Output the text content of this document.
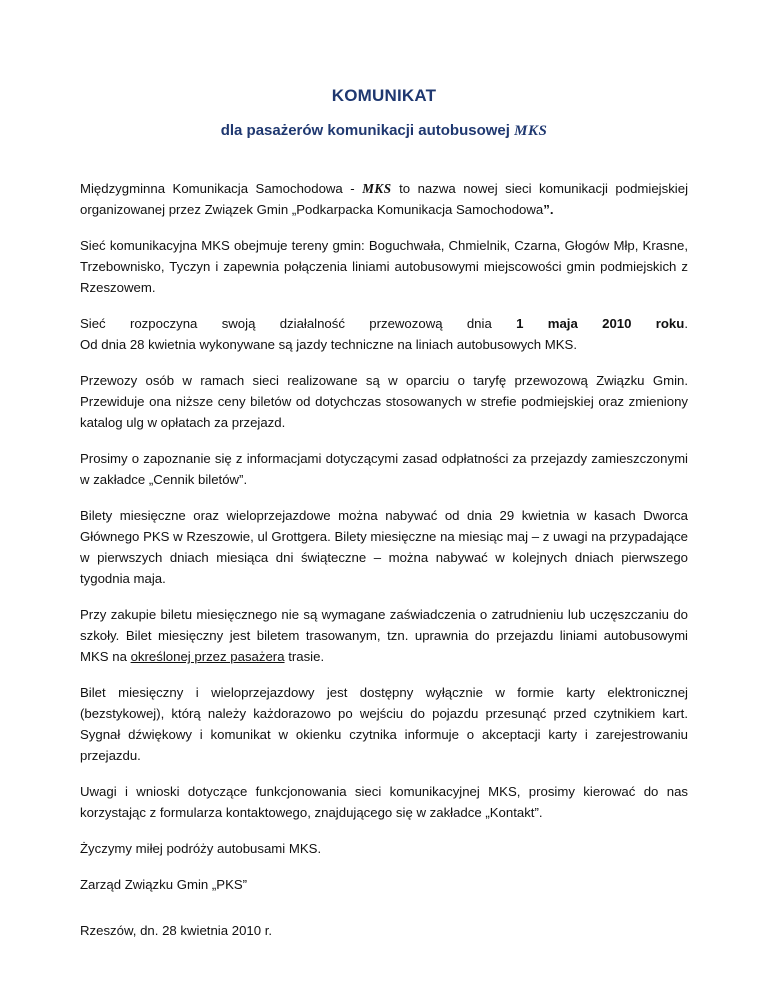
KOMUNIKAT
dla pasażerów komunikacji autobusowej MKS

Międzygminna Komunikacja Samochodowa - MKS to nazwa nowej sieci komunikacji podmiejskiej organizowanej przez Związek Gmin „Podkarpacka Komunikacja Samochodowa”.

Sieć komunikacyjna MKS obejmuje tereny gmin: Boguchwała, Chmielnik, Czarna, Głogów Młp, Krasne, Trzebownisko, Tyczyn i zapewnia połączenia liniami autobusowymi miejscowości gmin podmiejskich z Rzeszowem.

Sieć rozpoczyna swoją działalność przewozową dnia 1 maja 2010 roku.

Od dnia 28 kwietnia wykonywane są jazdy techniczne na liniach autobusowych MKS.

Przewozy osób w ramach sieci realizowane są w oparciu o taryfę przewozową Związku Gmin. Przewiduje ona niższe ceny biletów od dotychczas stosowanych w strefie podmiejskiej oraz zmieniony katalog ulg w opłatach za przejazd.

Prosimy o zapoznanie się z informacjami dotyczącymi zasad odpłatności za przejazdy zamieszczonymi w zakładce „Cennik biletów”.

Bilety miesięczne oraz wieloprzejazdowe można nabywać od dnia 29 kwietnia w kasach Dworca Głównego PKS w Rzeszowie, ul Grottgera. Bilety miesięczne na miesiąc maj – z uwagi na przypadające w pierwszych dniach miesiąca dni świąteczne – można nabywać w kolejnych dniach pierwszego tygodnia maja.

Przy zakupie biletu miesięcznego nie są wymagane zaświadczenia o zatrudnieniu lub uczęszczaniu do szkoły. Bilet miesięczny jest biletem trasowanym, tzn. uprawnia do przejazdu liniami autobusowymi MKS na określonej przez pasażera trasie.

Bilet miesięczny i wieloprzejazdowy jest dostępny wyłącznie w formie karty elektronicznej (bezstykowej), którą należy każdorazowo po wejściu do pojazdu przesunąć przed czytnikiem kart. Sygnał dźwiękowy i komunikat w okienku czytnika informuje o akceptacji karty i zarejestrowaniu przejazdu.

Uwagi i wnioski dotyczące funkcjonowania sieci komunikacyjnej MKS, prosimy kierować do nas korzystając z formularza kontaktowego, znajdującego się w zakładce „Kontakt”.

Życzymy miłej podróży autobusami MKS.

Zarząd Związku Gmin „PKS”

Rzeszów, dn. 28 kwietnia 2010 r.
